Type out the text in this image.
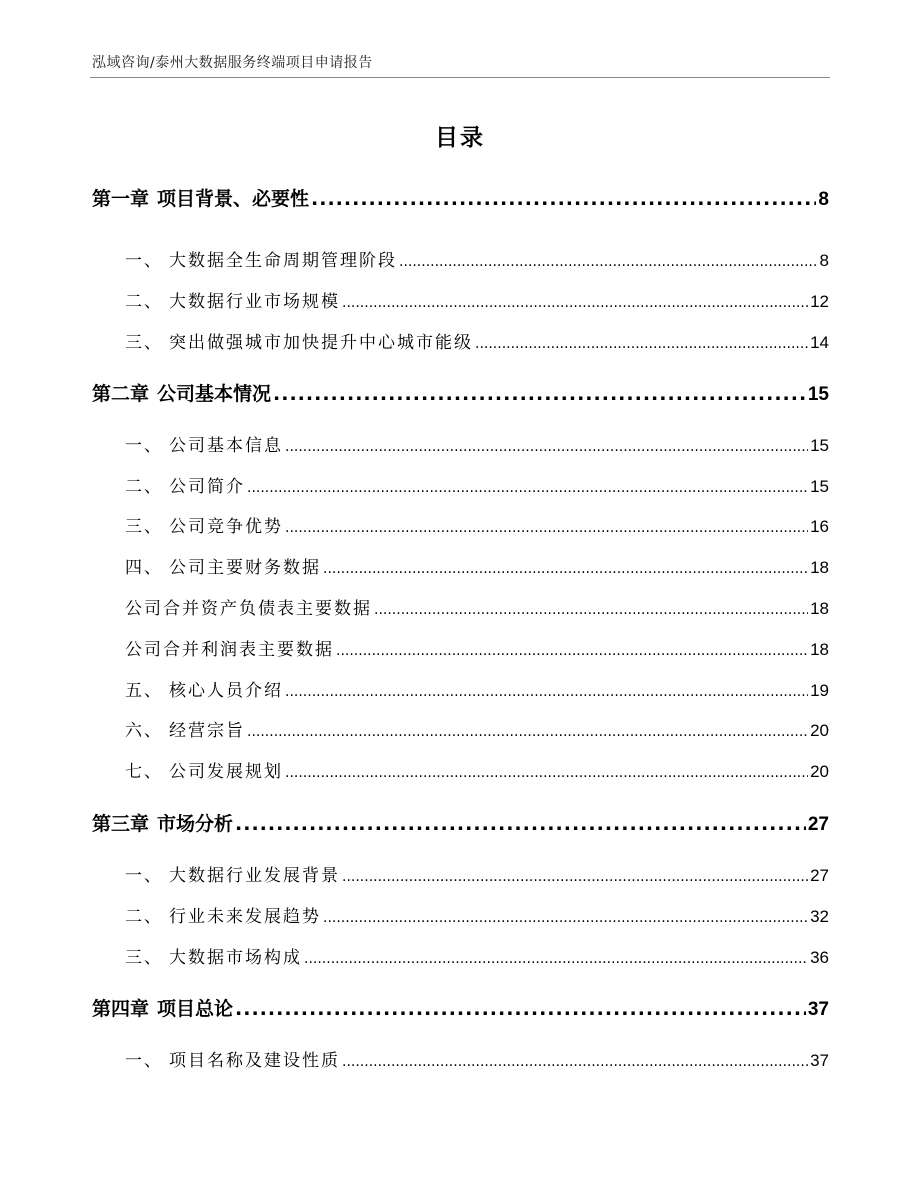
泓域咨询/泰州大数据服务终端项目申请报告
目录
第一章 项目背景、必要性 .....	8
一、 大数据全生命周期管理阶段 .....	8
二、 大数据行业市场规模 .....	12
三、 突出做强城市加快提升中心城市能级 .....	14
第二章 公司基本情况 .....	15
一、 公司基本信息 .....	15
二、 公司简介 .....	15
三、 公司竞争优势 .....	16
四、 公司主要财务数据 .....	18
公司合并资产负债表主要数据 .....	18
公司合并利润表主要数据 .....	18
五、 核心人员介绍 .....	19
六、 经营宗旨 .....	20
七、 公司发展规划 .....	20
第三章 市场分析 .....	27
一、 大数据行业发展背景 .....	27
二、 行业未来发展趋势 .....	32
三、 大数据市场构成 .....	36
第四章 项目总论 .....	37
一、 项目名称及建设性质 .....	37
